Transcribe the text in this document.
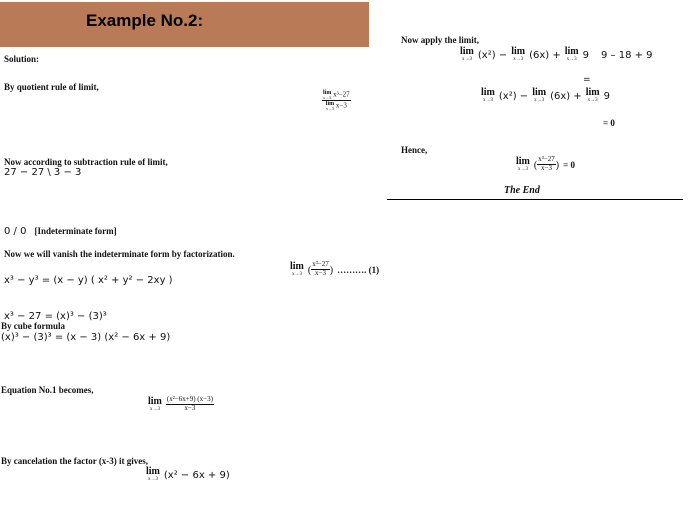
Example No.2:
Solution:
By quotient rule of limit,
lim
x→3 x³−27
lim
x→3 x−3
Now according to subtraction rule of limit,
27 − 27 \ 3 − 3
0 / 0 [Indeterminate form]
Now we will vanish the indeterminate form by factorization.
lim
x→3 ( $\frac{\text{x³−27}}{x-3}$ ) ………. (1)
x³ − y³ = (x − y) ( x² + y² − 2xy )
x³ − 27 = (x)³ − (3)³
By cube formula
(x)³ − (3)³ = (x − 3) (x² − 6x + 9)
Equation No.1 becomes,
lim
x→3
$\frac{\text{(x²−6x+9) (x−3)}}{x-3}$
By cancelation the factor (x-3) it gives,
lim
x→3 (x² − 6x + 9)
Now apply the limit,
lim
x→3 (x²) − lim
x→3 (6x) + lim
x→3 9 9 – 18 + 9
=
lim
x→3 (x²) − lim
x→3 (6x) + lim
x→3 9
= 0
Hence,
lim
x→3 ( $\frac{\text{x³−27}}{x-3}$ ) = 0
The End
